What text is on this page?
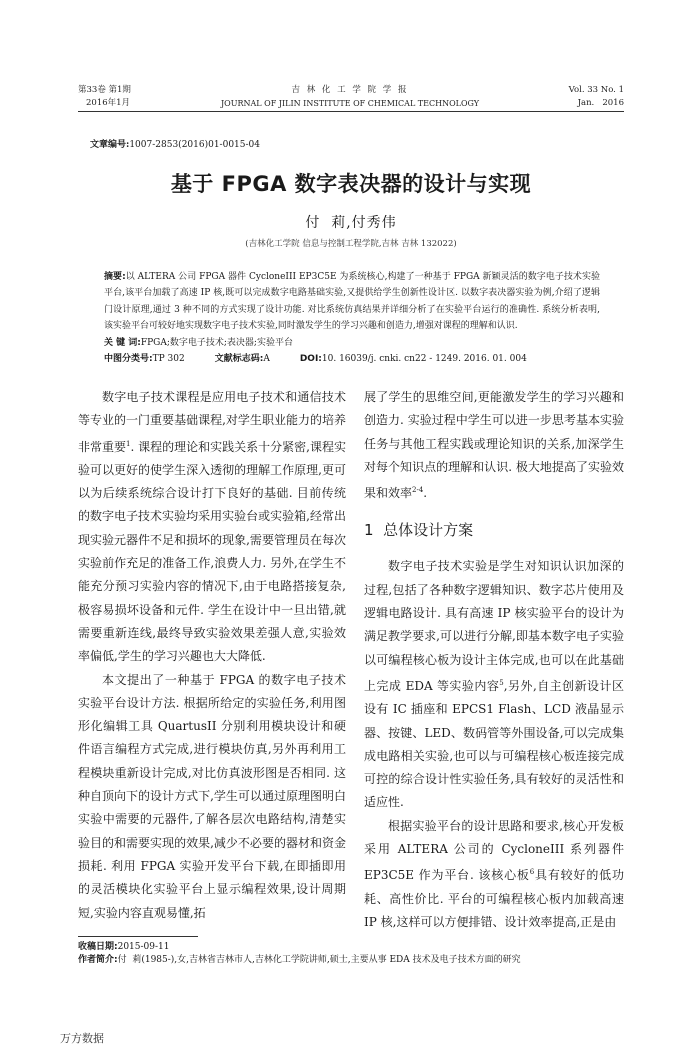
第33卷 第1期
2016年1月
吉 林 化 工 学 院 学 报
JOURNAL OF JILIN INSTITUTE OF CHEMICAL TECHNOLOGY
Vol. 33 No. 1
Jan.   2016
文章编号:1007-2853(2016)01-0015-04
基于 FPGA 数字表决器的设计与实现
付  莉,付秀伟
(吉林化工学院 信息与控制工程学院,吉林 吉林 132022)
摘要:以 ALTERA 公司 FPGA 器件 CycloneIII EP3C5E 为系统核心,构建了一种基于 FPGA 新颖灵活的数字电子技术实验平台,该平台加载了高速 IP 核,既可以完成数字电路基础实验,又提供给学生创新性设计区. 以数字表决器实验为例,介绍了逻辑门设计原理,通过 3 种不同的方式实现了设计功能. 对比系统仿真结果并详细分析了在实验平台运行的准确性. 系统分析表明,该实验平台可较好地实现数字电子技术实验,同时激发学生的学习兴趣和创造力,增强对课程的理解和认识.
关 键 词:FPGA;数字电子技术;表决器;实验平台
中图分类号:TP 302	文献标志码:A	DOI:10. 16039/j. cnki. cn22 - 1249. 2016. 01. 004

数字电子技术课程是应用电子技术和通信技术等专业的一门重要基础课程,对学生职业能力的培养非常重要$^1$. 课程的理论和实践关系十分紧密,课程实验可以更好的使学生深入透彻的理解工作原理,更可以为后续系统综合设计打下良好的基础. 目前传统的数字电子技术实验均采用实验台或实验箱,经常出现实验元器件不足和损坏的现象,需要管理员在每次实验前作充足的准备工作,浪费人力. 另外,在学生不能充分预习实验内容的情况下,由于电路搭接复杂,极容易损坏设备和元件. 学生在设计中一旦出错,就需要重新连线,最终导致实验效果差强人意,实验效率偏低,学生的学习兴趣也大大降低.

本文提出了一种基于 FPGA 的数字电子技术实验平台设计方法. 根据所给定的实验任务,利用图形化编辑工具 QuartusII 分别利用模块设计和硬件语言编程方式完成,进行模块仿真,另外再利用工程模块重新设计完成,对比仿真波形图是否相同. 这种自顶向下的设计方式下,学生可以通过原理图明白实验中需要的元器件,了解各层次电路结构,清楚实验目的和需要实现的效果,减少不必要的器材和资金损耗. 利用 FPGA 实验开发平台下载,在即插即用的灵活模块化实验平台上显示编程效果,设计周期短,实验内容直观易懂,拓

展了学生的思维空间,更能激发学生的学习兴趣和创造力. 实验过程中学生可以进一步思考基本实验任务与其他工程实践或理论知识的关系,加深学生对每个知识点的理解和认识. 极大地提高了实验效果和效率$^{2-4}$.

1  总体设计方案

数字电子技术实验是学生对知识认识加深的过程,包括了各种数字逻辑知识、数字芯片使用及逻辑电路设计. 具有高速 IP 核实验平台的设计为满足教学要求,可以进行分解,即基本数字电子实验以可编程核心板为设计主体完成,也可以在此基础上完成 EDA 等实验内容$^5$,另外,自主创新设计区设有 IC 插座和 EPCS1 Flash、LCD 液晶显示器、按键、LED、数码管等外围设备,可以完成集成电路相关实验,也可以与可编程核心板连接完成可控的综合设计性实验任务,具有较好的灵活性和适应性.

根据实验平台的设计思路和要求,核心开发板采用 ALTERA 公司的 CycloneIII 系列器件 EP3C5E 作为平台. 该核心板$^6$具有较好的低功耗、高性价比. 平台的可编程核心板内加载高速 IP 核,这样可以方便排错、设计效率提高,正是由

收稿日期:2015-09-11
作者简介:付  莉(1985-),女,吉林省吉林市人,吉林化工学院讲师,硕士,主要从事 EDA 技术及电子技术方面的研究
万方数据
